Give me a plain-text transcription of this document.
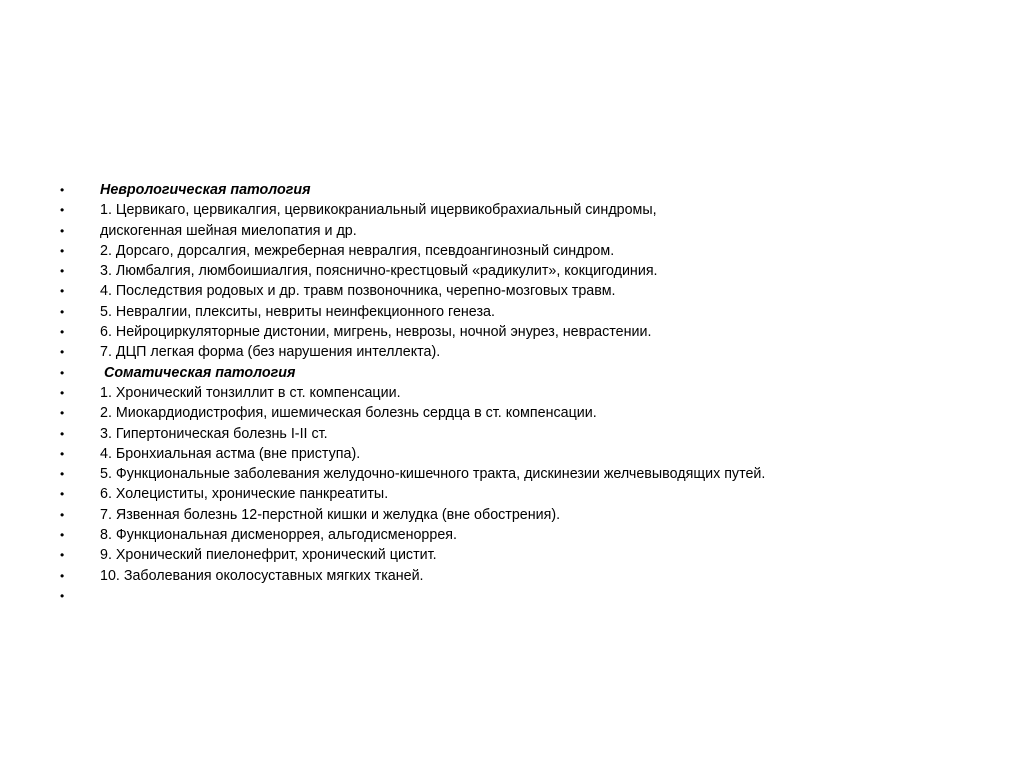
•	Неврологическая патология
•	1. Цервикаго, цервикалгия, цервикокраниальный ицервикобрахиальный синдромы,
•	дискогенная шейная миелопатия и др.
•	2. Дорсаго, дорсалгия, межреберная невралгия, псевдоангинозный синдром.
•	3. Люмбалгия, люмбоишиалгия, пояснично-крестцовый «радикулит», кокцигодиния.
•	4. Последствия родовых и др. травм позвоночника, черепно-мозговых травм.
•	5. Невралгии, плекситы, невриты неинфекционного генеза.
•	6. Нейроциркуляторные дистонии, мигрень, неврозы, ночной энурез, неврастении.
•	7. ДЦП легкая форма (без нарушения интеллекта).
•	Соматическая патология
•	1. Хронический тонзиллит в ст. компенсации.
•	2. Миокардиодистрофия, ишемическая болезнь сердца в ст. компенсации.
•	3. Гипертоническая болезнь I-II ст.
•	4. Бронхиальная астма (вне приступа).
•	5. Функциональные заболевания желудочно-кишечного тракта, дискинезии желчевыводящих путей.
•	6. Холециститы, хронические панкреатиты.
•	7. Язвенная болезнь 12-перстной кишки и желудка (вне обострения).
•	8. Функциональная дисменоррея, альгодисменоррея.
•	9. Хронический пиелонефрит, хронический цистит.
•	10. Заболевания околосуставных мягких тканей.
•
